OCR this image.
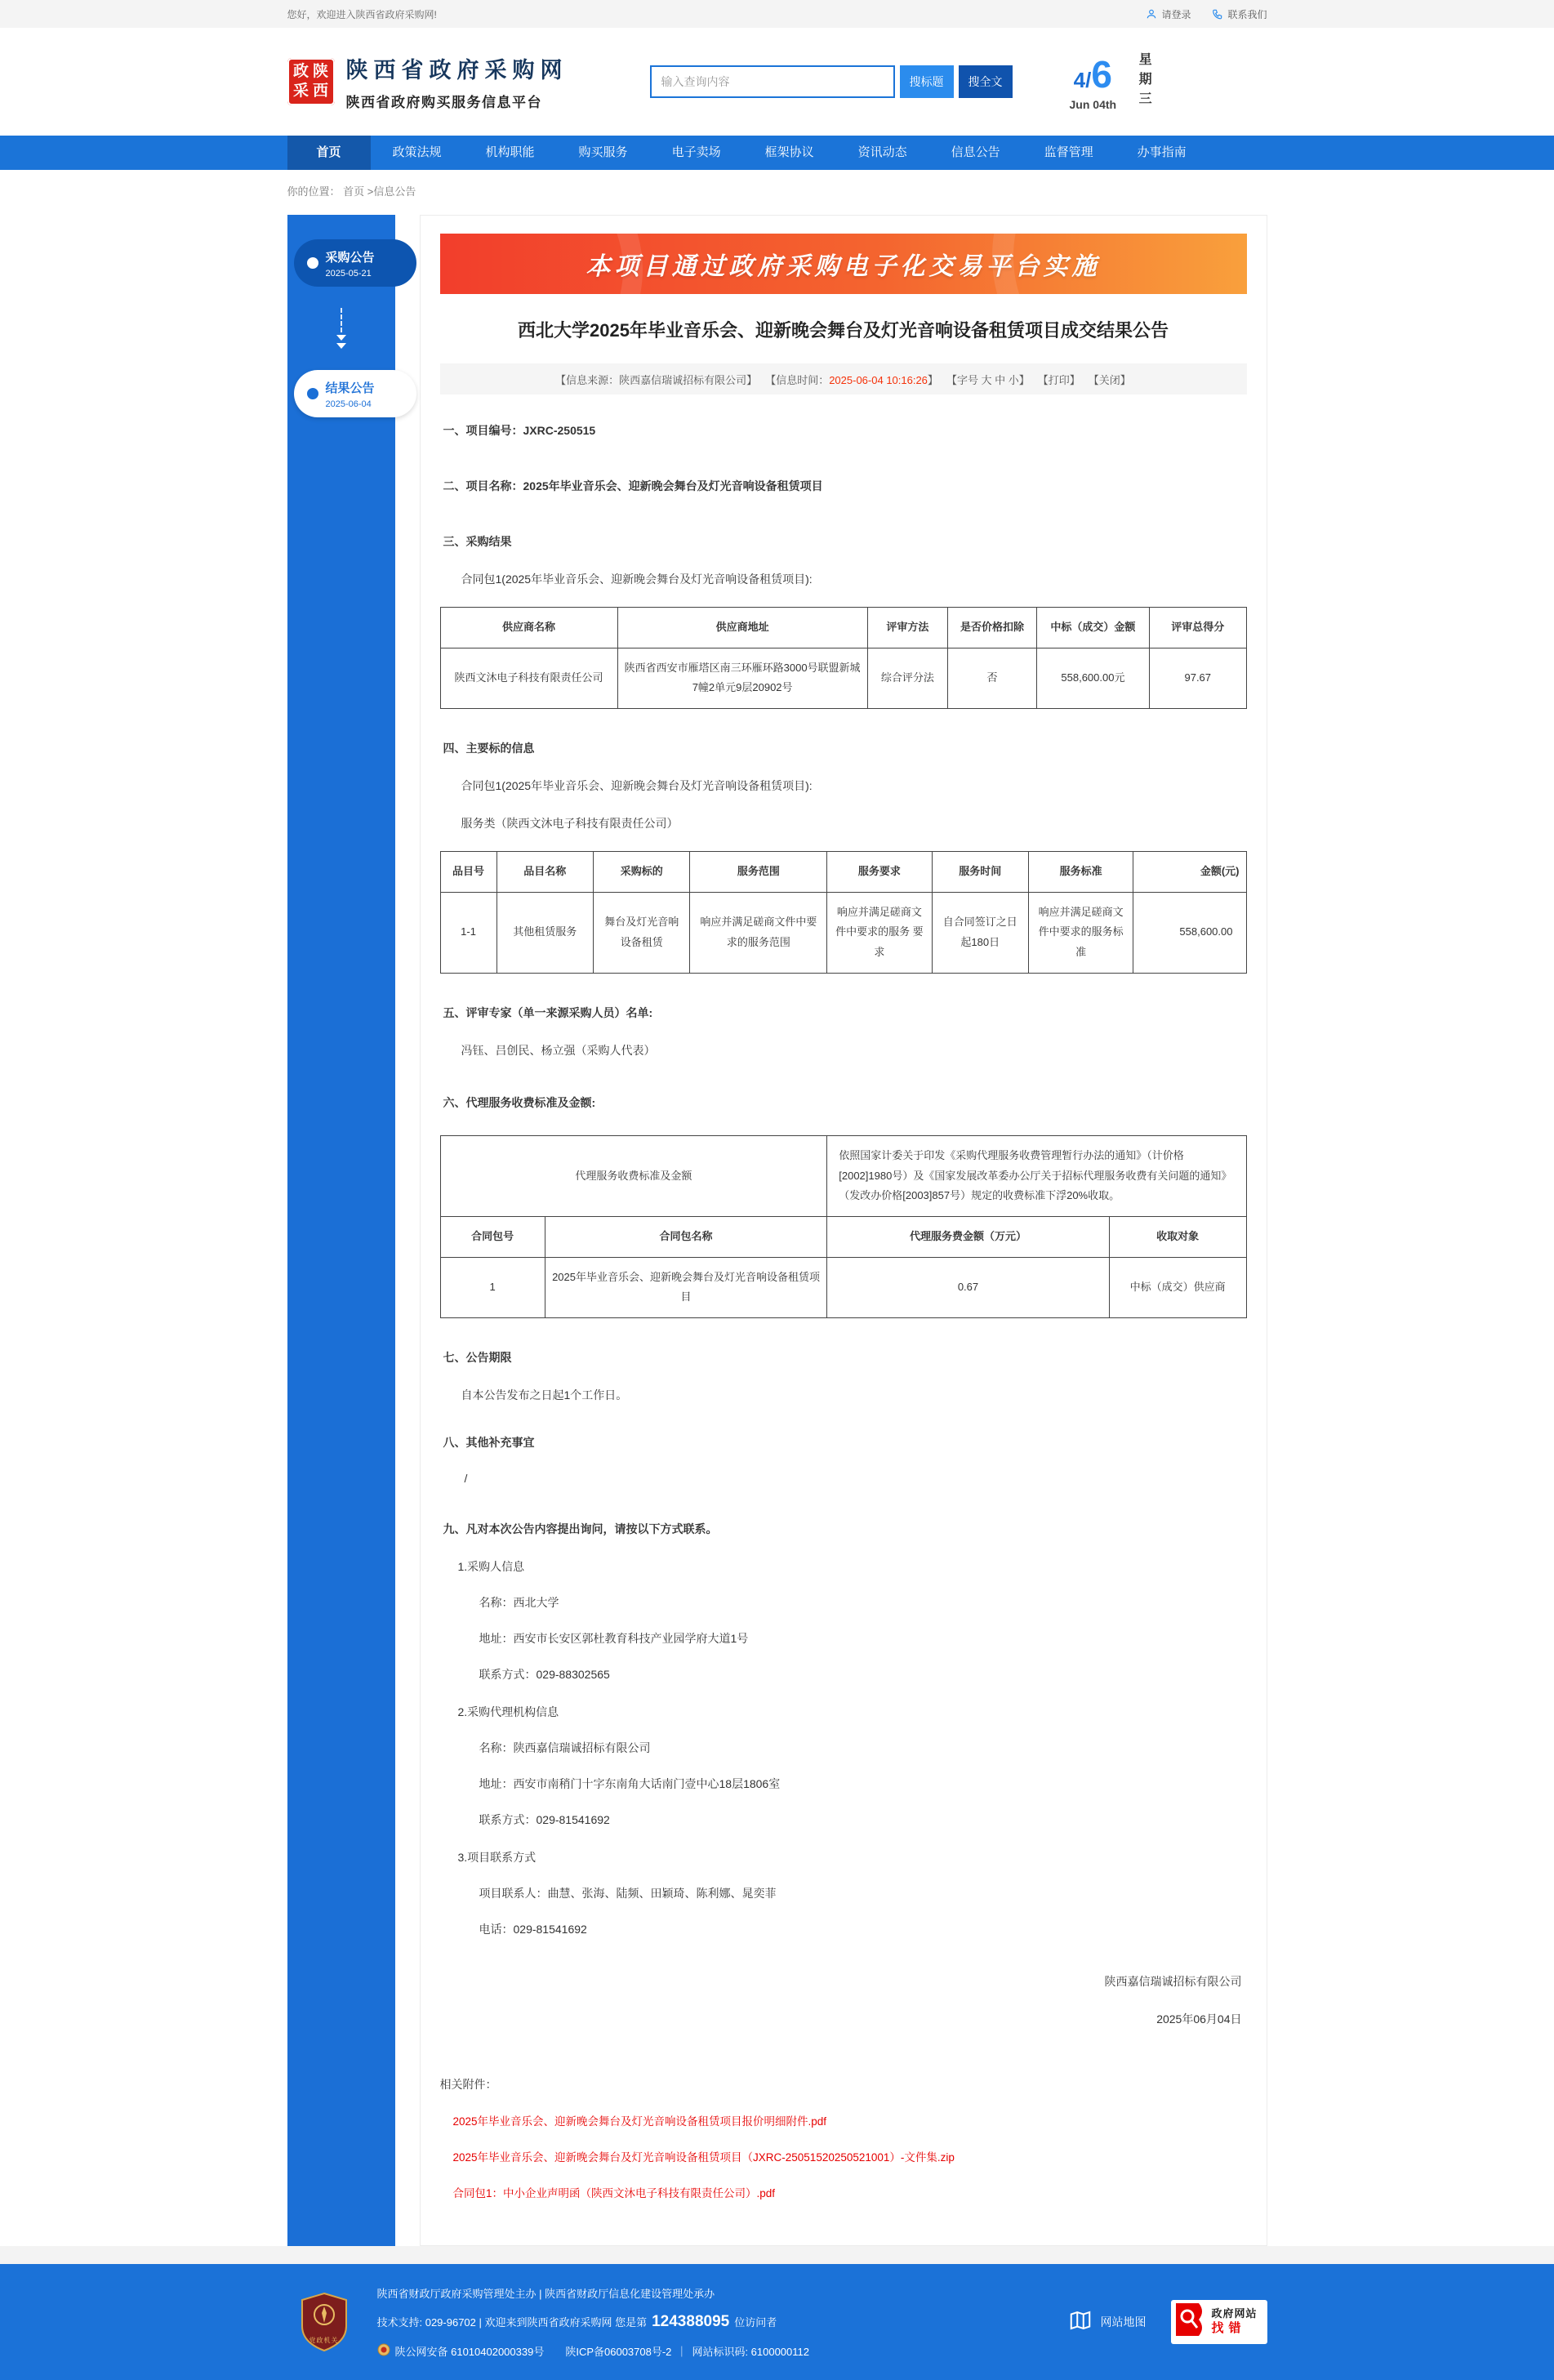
您好，欢迎进入陕西省政府采购网!	请登录	联系我们
政 陕
采 西
陕西省政府采购网
陕西省政府购买服务信息平台
输入查询内容
搜标题	搜全文	4/6
Jun 04th 星期三
首页	政策法规	机构职能	购买服务	电子卖场	框架协议	资讯动态	信息公告	监督管理	办事指南
你的位置： 首页 >信息公告
采购公告
2025-05-21
结果公告
2025-06-04
本项目通过政府采购电子化交易平台实施
西北大学2025年毕业音乐会、迎新晚会舞台及灯光音响设备租赁项目成交结果公告
【信息来源：陕西嘉信瑞诚招标有限公司】 【信息时间：2025-06-04 10:16:26】 【字号 大 中 小】 【打印】 【关闭】
一、项目编号：JXRC-250515
二、项目名称：2025年毕业音乐会、迎新晚会舞台及灯光音响设备租赁项目
三、采购结果

合同包1(2025年毕业音乐会、迎新晚会舞台及灯光音响设备租赁项目):

供应商名称	供应商地址	评审方法	是否价格扣除	中标（成交）金额	评审总得分
陕西文沐电子科技有限责任公司	陕西省西安市雁塔区南三环雁环路3000号联盟新城7幢2单元9层20902号	综合评分法	否	558,600.00元	97.67
四、主要标的信息

合同包1(2025年毕业音乐会、迎新晚会舞台及灯光音响设备租赁项目):

服务类（陕西文沐电子科技有限责任公司）

品目号	品目名称	采购标的	服务范围	服务要求	服务时间	服务标准	金额(元)
1-1	其他租赁服务	舞台及灯光音响设备租赁	响应并满足磋商文件中要求的服务范围	响应并满足磋商文件中要求的服务 要求	自合同签订之日起180日	响应并满足磋商文件中要求的服务标准	558,600.00
五、评审专家（单一来源采购人员）名单:

冯钰、吕创民、杨立强（采购人代表）

六、代理服务收费标准及金额:
代理服务收费标准及金额		依照国家计委关于印发《采购代理服务收费管理暂行办法的通知》（计价格[2002]1980号）及《国家发展改革委办公厅关于招标代理服务收费有关问题的通知》（发改办价格[2003]857号）规定的收费标准下浮20%收取。	
合同包号	合同包名称	代理服务费金额（万元）	收取对象
1	2025年毕业音乐会、迎新晚会舞台及灯光音响设备租赁项目	0.67	中标（成交）供应商
七、公告期限

自本公告发布之日起1个工作日。

八、其他补充事宜

/

九、凡对本次公告内容提出询问，请按以下方式联系。
1.采购人信息

名称：西北大学

地址：西安市长安区郭杜教育科技产业园学府大道1号

联系方式：029-88302565

2.采购代理机构信息

名称：陕西嘉信瑞诚招标有限公司

地址：西安市南稍门十字东南角大话南门壹中心18层1806室

联系方式：029-81541692

3.项目联系方式

项目联系人：曲慧、张海、陆频、田颖琦、陈利娜、晁奕菲

电话：029-81541692

陕西嘉信瑞诚招标有限公司
2025年06月04日
相关附件：
2025年毕业音乐会、迎新晚会舞台及灯光音响设备租赁项目报价明细附件.pdf
2025年毕业音乐会、迎新晚会舞台及灯光音响设备租赁项目（JXRC-25051520250521001）-文件集.zip
合同包1：中小企业声明函（陕西文沐电子科技有限责任公司）.pdf
党政机关
陕西省财政厅政府采购管理处主办 | 陕西省财政厅信息化建设管理处承办
技术支持: 029-96702 | 欢迎来到陕西省政府采购网 您是第 124388095 位访问者
陕公网安备 61010402000339号 陕ICP备06003708号-2 ｜ 网站标识码: 6100000112
网站地图
政府网站
找错
